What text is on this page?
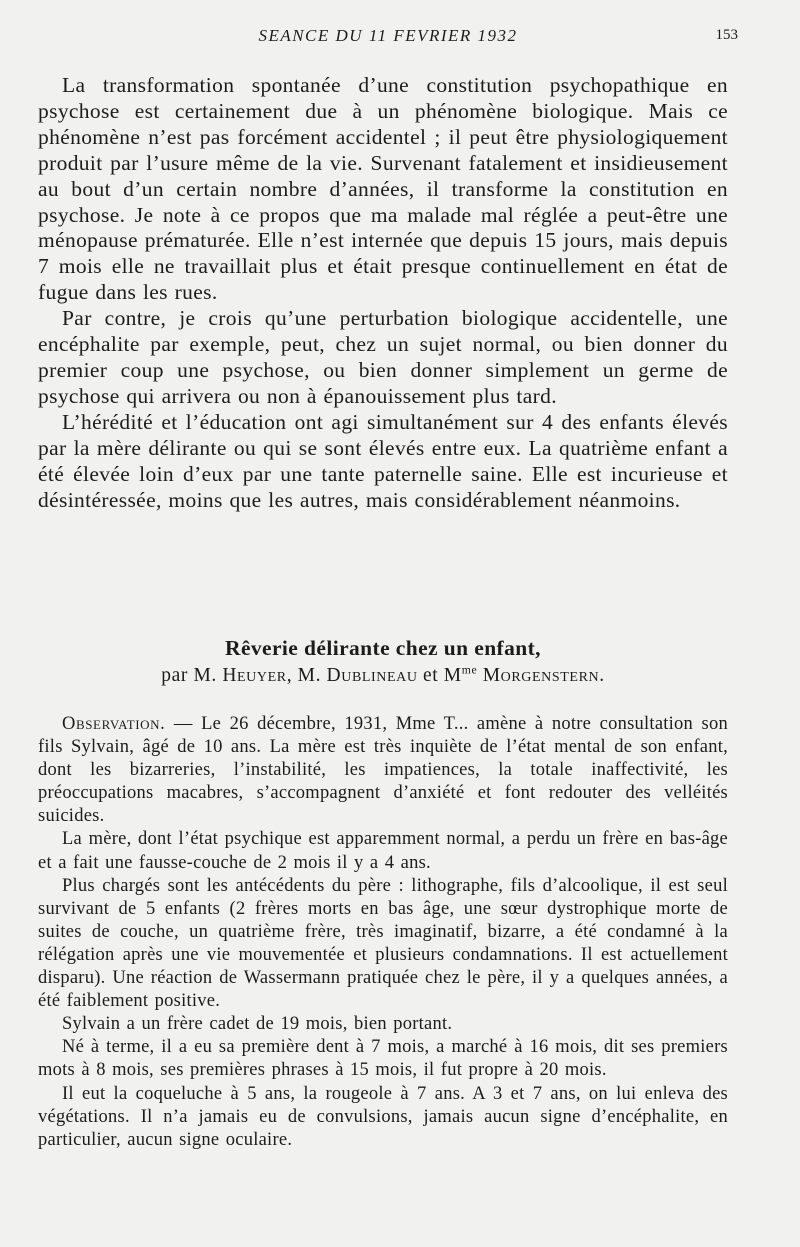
SEANCE DU 11 FEVRIER 1932	153

La transformation spontanée d’une constitution psychopathique en psychose est certainement due à un phénomène biologique. Mais ce phénomène n’est pas forcément accidentel ; il peut être physiologiquement produit par l’usure même de la vie. Survenant fatalement et insidieusement au bout d’un certain nombre d’années, il transforme la constitution en psychose. Je note à ce propos que ma malade mal réglée a peut-être une ménopause prématurée. Elle n’est internée que depuis 15 jours, mais depuis 7 mois elle ne travaillait plus et était presque continuellement en état de fugue dans les rues.

Par contre, je crois qu’une perturbation biologique accidentelle, une encéphalite par exemple, peut, chez un sujet normal, ou bien donner du premier coup une psychose, ou bien donner simplement un germe de psychose qui arrivera ou non à épanouissement plus tard.

L’hérédité et l’éducation ont agi simultanément sur 4 des enfants élevés par la mère délirante ou qui se sont élevés entre eux. La quatrième enfant a été élevée loin d’eux par une tante paternelle saine. Elle est incurieuse et désintéressée, moins que les autres, mais considérablement néanmoins.

Rêverie délirante chez un enfant,
par M. Heuyer, M. Dublineau et $M^{me}$ Morgenstern.

Observation. — Le 26 décembre, 1931, Mme T... amène à notre consultation son fils Sylvain, âgé de 10 ans. La mère est très inquiète de l’état mental de son enfant, dont les bizarreries, l’instabilité, les impatiences, la totale inaffectivité, les préoccupations macabres, s’accompagnent d’anxiété et font redouter des velléités suicides.

La mère, dont l’état psychique est apparemment normal, a perdu un frère en bas-âge et a fait une fausse-couche de 2 mois il y a 4 ans.

Plus chargés sont les antécédents du père : lithographe, fils d’alcoolique, il est seul survivant de 5 enfants (2 frères morts en bas âge, une sœur dystrophique morte de suites de couche, un quatrième frère, très imaginatif, bizarre, a été condamné à la rélégation après une vie mouvementée et plusieurs condamnations. Il est actuellement disparu). Une réaction de Wassermann pratiquée chez le père, il y a quelques années, a été faiblement positive.

Sylvain a un frère cadet de 19 mois, bien portant.

Né à terme, il a eu sa première dent à 7 mois, a marché à 16 mois, dit ses premiers mots à 8 mois, ses premières phrases à 15 mois, il fut propre à 20 mois.

Il eut la coqueluche à 5 ans, la rougeole à 7 ans. A 3 et 7 ans, on lui enleva des végétations. Il n’a jamais eu de convulsions, jamais aucun signe d’encéphalite, en particulier, aucun signe oculaire.
